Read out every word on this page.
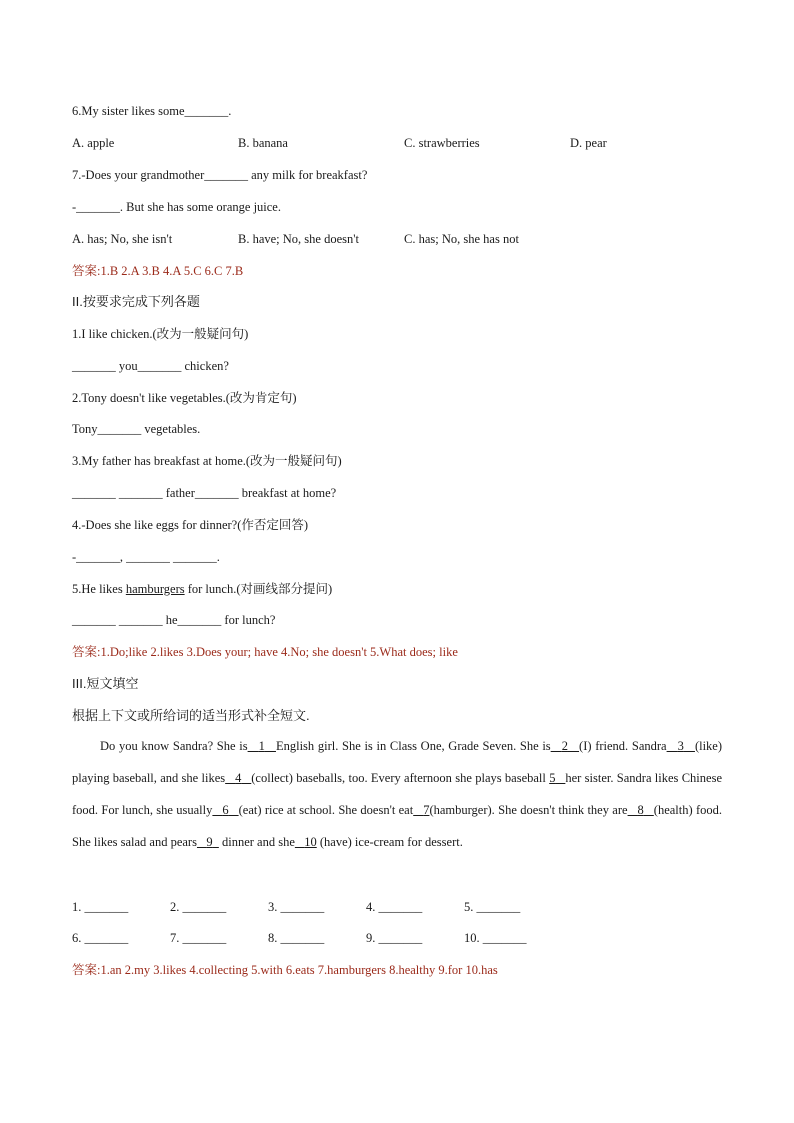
6.My sister likes some_______.
A. apple	B. banana	C. strawberries	D. pear
7.-Does your grandmother_______ any milk for breakfast?
-_______. But she has some orange juice.
A. has; No, she isn't	B. have; No, she doesn't	C. has; No, she has not
答案:1.B 2.A 3.B 4.A 5.C 6.C 7.B
II.按要求完成下列各题
1.I like chicken.(改为一般疑问句)
_______ you_______ chicken?
2.Tony doesn't like vegetables.(改为肯定句)
Tony_______ vegetables.
3.My father has breakfast at home.(改为一般疑问句)
_______ _______ father_______ breakfast at home?
4.-Does she like eggs for dinner?(作否定回答)
-_______, _______ _______.
5.He likes hamburgers for lunch.(对画线部分提问)
_______ _______ he_______ for lunch?
答案:1.Do;like 2.likes 3.Does your; have 4.No; she doesn't 5.What does; like
III.短文填空
根据上下文或所给词的适当形式补全短文.

Do you know Sandra? She is 1 English girl. She is in Class One, Grade Seven. She is 2 (I) friend. Sandra 3 (like) playing baseball, and she likes 4 (collect) baseballs, too. Every afternoon she plays baseball 5 her sister. Sandra likes Chinese food. For lunch, she usually 6 (eat) rice at school. She doesn't eat 7(hamburger). She doesn't think they are 8 (health) food. She likes salad and pears 9   dinner and she 10 (have) ice-cream for dessert.

1. _______	2. _______	3. _______	4. _______	5. _______
6. _______	7. _______	8. _______	9. _______	10. _______
答案:1.an 2.my 3.likes 4.collecting 5.with 6.eats 7.hamburgers 8.healthy 9.for 10.has
